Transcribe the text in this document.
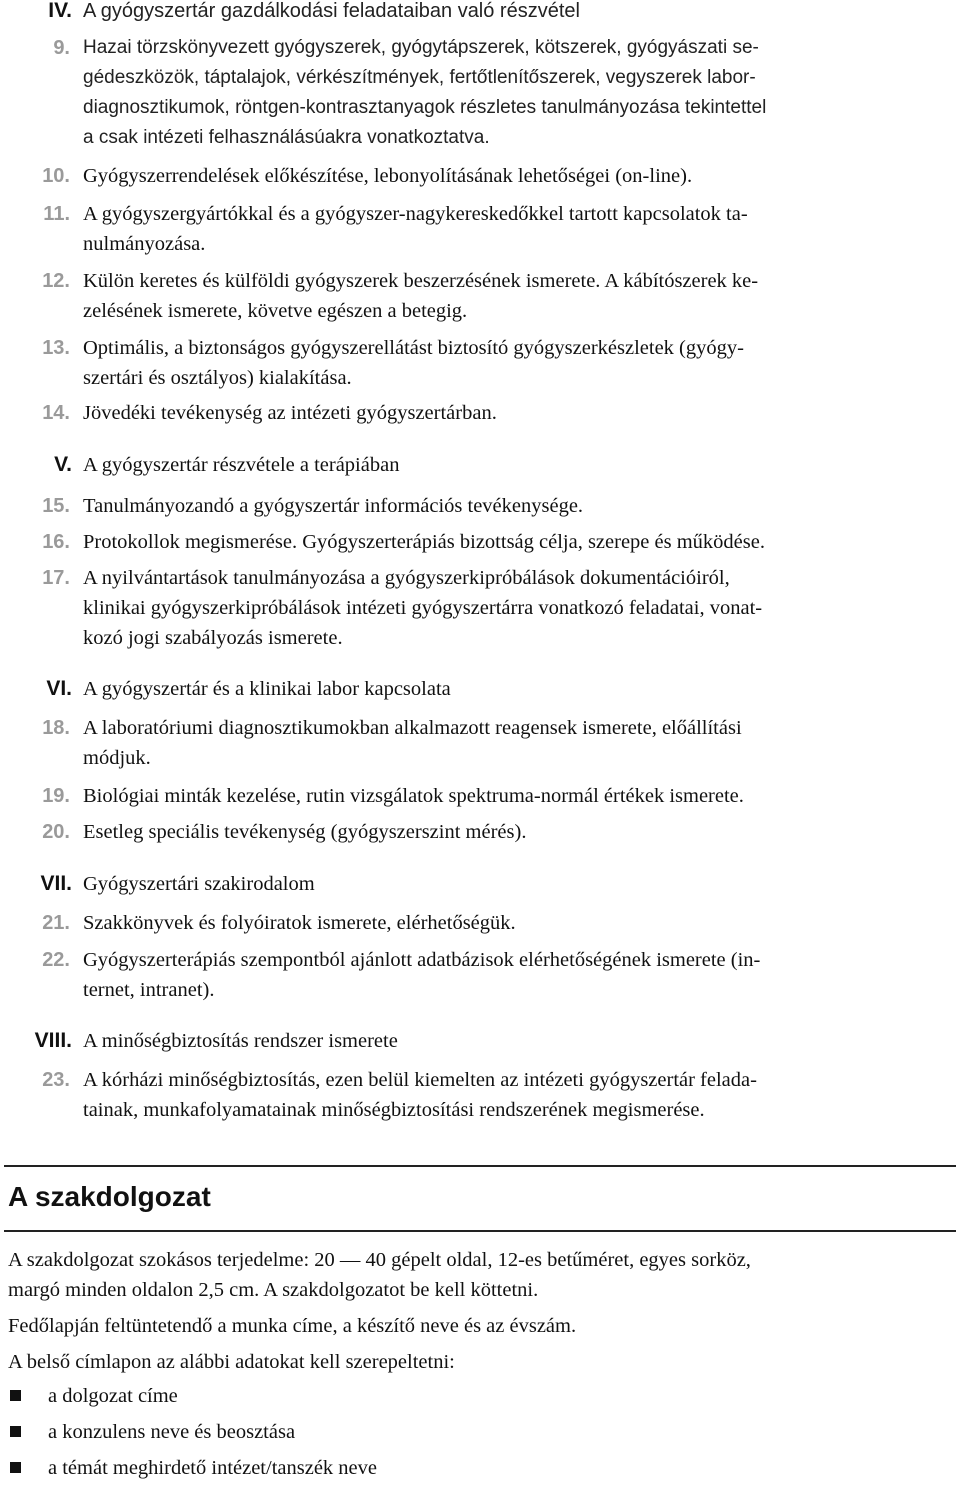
IV. A gyógyszertár gazdálkodási feladataiban való részvétel
9. Hazai törzskönyvezett gyógyszerek, gyógytápszerek, kötszerek, gyógyászati se-
gédeszközök, táptalajok, vérkészítmények, fertőtlenítőszerek, vegyszerek labor-
diagnosztikumok, röntgen-kontrasztanyagok részletes tanulmányozása tekintettel
a csak intézeti felhasználásúakra vonatkoztatva.
10. Gyógyszerrendelések előkészítése, lebonyolításának lehetőségei (on-line).
11. A gyógyszergyártókkal és a gyógyszer-nagykereskedőkkel tartott kapcsolatok ta-
nulmányozása.
12. Külön keretes és külföldi gyógyszerek beszerzésének ismerete. A kábítószerek ke-
zelésének ismerete, követve egészen a betegig.
13. Optimális, a biztonságos gyógyszerellátást biztosító gyógyszerkészletek (gyógy-
szertári és osztályos) kialakítása.
14. Jövedéki tevékenység az intézeti gyógyszertárban.
V. A gyógyszertár részvétele a terápiában
15. Tanulmányozandó a gyógyszertár információs tevékenysége.
16. Protokollok megismerése. Gyógyszerterápiás bizottság célja, szerepe és működése.
17. A nyilvántartások tanulmányozása a gyógyszerkipróbálások dokumentációiról,
klinikai gyógyszerkipróbálások intézeti gyógyszertárra vonatkozó feladatai, vonat-
kozó jogi szabályozás ismerete.
VI. A gyógyszertár és a klinikai labor kapcsolata
18. A laboratóriumi diagnosztikumokban alkalmazott reagensek ismerete, előállítási
módjuk.
19. Biológiai minták kezelése, rutin vizsgálatok spektruma-normál értékek ismerete.
20. Esetleg speciális tevékenység (gyógyszerszint mérés).
VII. Gyógyszertári szakirodalom
21. Szakkönyvek és folyóiratok ismerete, elérhetőségük.
22. Gyógyszerterápiás szempontból ajánlott adatbázisok elérhetőségének ismerete (in-
ternet, intranet).
VIII. A minőségbiztosítás rendszer ismerete
23. A kórházi minőségbiztosítás, ezen belül kiemelten az intézeti gyógyszertár felada-
tainak, munkafolyamatainak minőségbiztosítási rendszerének megismerése.
A szakdolgozat
A szakdolgozat szokásos terjedelme: 20 — 40 gépelt oldal, 12-es betűméret, egyes sorköz,
margó minden oldalon 2,5 cm. A szakdolgozatot be kell köttetni.
Fedőlapján feltüntetendő a munka címe, a készítő neve és az évszám.
A belső címlapon az alábbi adatokat kell szerepeltetni:
a dolgozat címe
a konzulens neve és beosztása
a témát meghirdető intézet/tanszék neve
